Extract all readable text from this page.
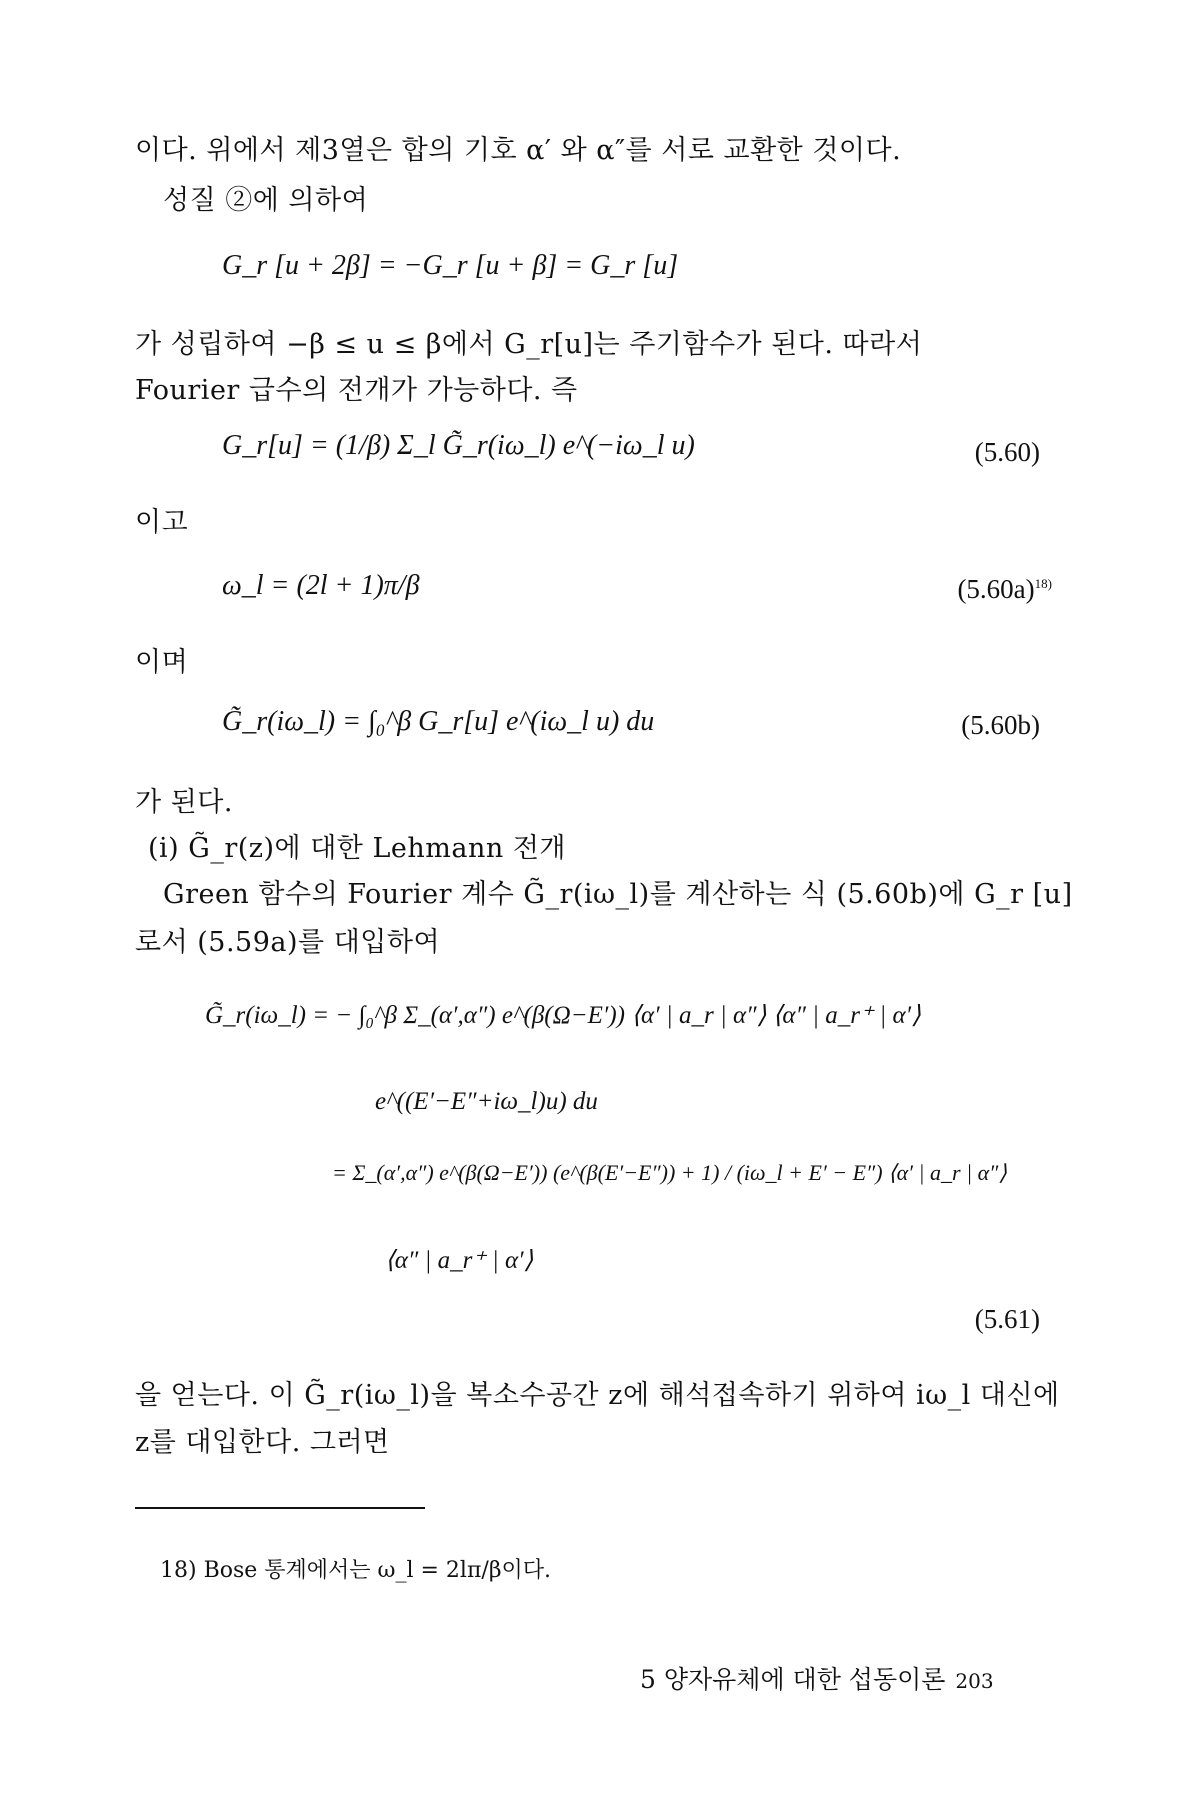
이다. 위에서 제3열은 합의 기호 α′ 와 α″를 서로 교환한 것이다.
성질 ②에 의하여
G_r [u + 2β] = −G_r [u + β] = G_r [u]
가 성립하여 −β ≤ u ≤ β에서 G_r[u]는 주기함수가 된다. 따라서
Fourier 급수의 전개가 가능하다. 즉
G_r[u] = (1/β) Σ_l G̃_r(iω_l) e^(−iω_l u)	(5.60)
이고
ω_l = (2l + 1)π/β	$(5.60a)^{18)}$
이며
G̃_r(iω_l) = ∫₀^β G_r[u] e^(iω_l u) du	(5.60b)
가 된다.
(i) G̃_r(z)에 대한 Lehmann 전개
Green 함수의 Fourier 계수 G̃_r(iω_l)를 계산하는 식 (5.60b)에 G_r [u]
로서 (5.59a)를 대입하여
G̃_r(iω_l) = − ∫₀^β Σ_(α′,α″) e^(β(Ω−E′)) ⟨α′ | a_r | α″⟩ ⟨α″ | a_r⁺ | α′⟩
e^((E′−E″+iω_l)u) du
= Σ_(α′,α″) e^(β(Ω−E′)) (e^(β(E′−E″)) + 1) / (iω_l + E′ − E″) ⟨α′ | a_r | α″⟩
⟨α″ | a_r⁺ | α′⟩
(5.61)
을 얻는다. 이 G̃_r(iω_l)을 복소수공간 z에 해석접속하기 위하여 iω_l 대신에
z를 대입한다. 그러면
18) Bose 통계에서는 ω_l = 2lπ/β이다.
5 양자유체에 대한 섭동이론 203
